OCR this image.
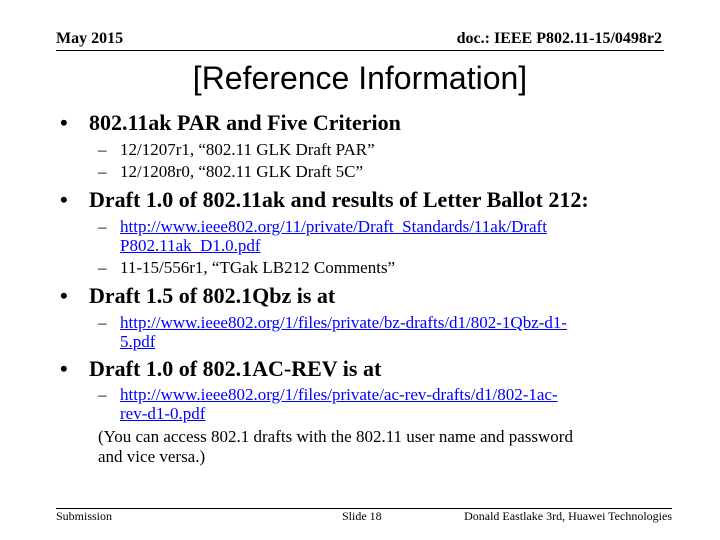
May 2015	doc.: IEEE P802.11-15/0498r2
[Reference Information]
• 802.11ak PAR and Five Criterion
– 12/1207r1, “802.11 GLK Draft PAR”
– 12/1208r0, “802.11 GLK Draft 5C”
• Draft 1.0 of 802.11ak and results of Letter Ballot 212:
– http://www.ieee802.org/11/private/Draft_Standards/11ak/Draft
P802.11ak_D1.0.pdf
– 11-15/556r1, “TGak LB212 Comments”
• Draft 1.5 of 802.1Qbz is at
– http://www.ieee802.org/1/files/private/bz-drafts/d1/802-1Qbz-d1-
5.pdf
• Draft 1.0 of 802.1AC-REV is at
– http://www.ieee802.org/1/files/private/ac-rev-drafts/d1/802-1ac-
rev-d1-0.pdf
(You can access 802.1 drafts with the 802.11 user name and password
and vice versa.)
Submission	Slide 18	Donald Eastlake 3rd, Huawei Technologies
